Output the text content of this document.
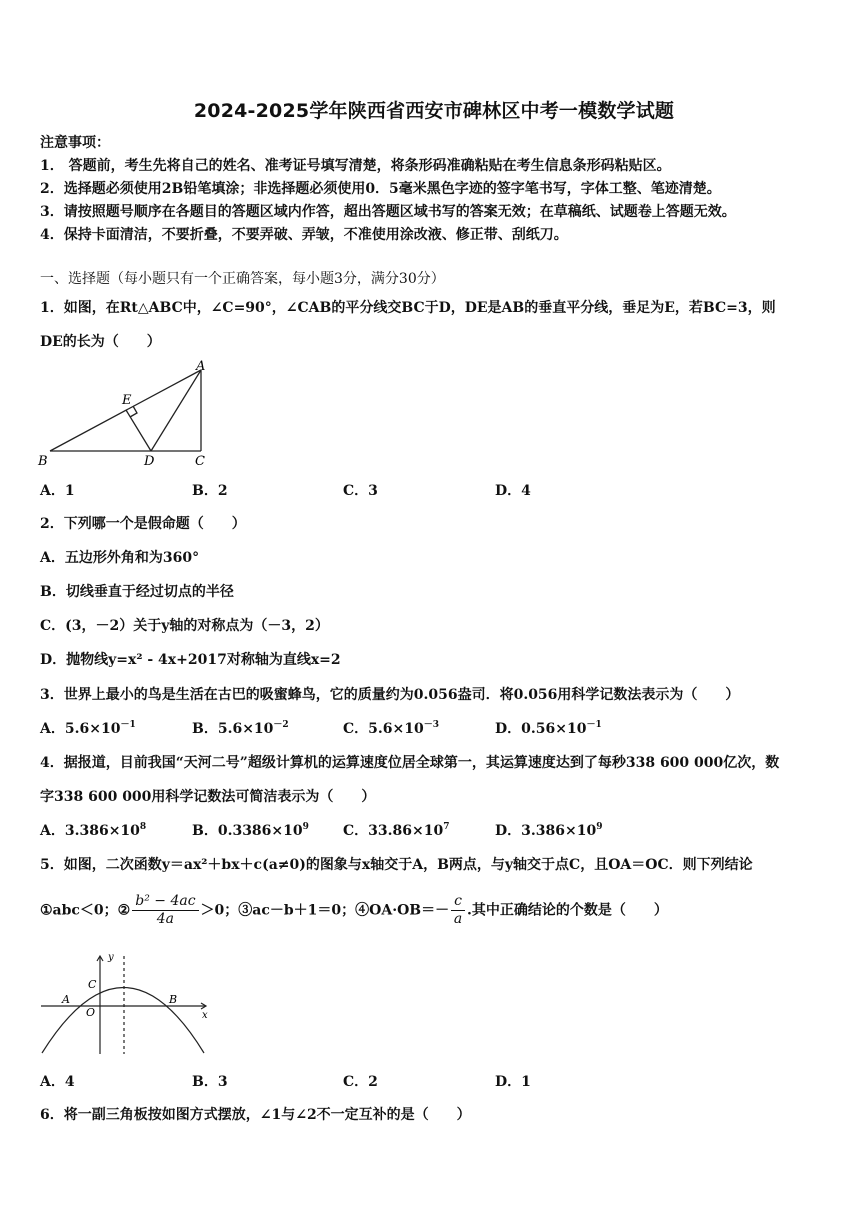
2024-2025学年陕西省西安市碑林区中考一模数学试题
注意事项：
1． 答题前，考生先将自己的姓名、准考证号填写清楚，将条形码准确粘贴在考生信息条形码粘贴区。
2．选择题必须使用2B铅笔填涂；非选择题必须使用0．5毫米黑色字迹的签字笔书写，字体工整、笔迹清楚。
3．请按照题号顺序在各题目的答题区域内作答，超出答题区域书写的答案无效；在草稿纸、试题卷上答题无效。
4．保持卡面清洁，不要折叠，不要弄破、弄皱，不准使用涂改液、修正带、刮纸刀。
一、选择题（每小题只有一个正确答案，每小题3分，满分30分）
1．如图，在Rt△ABC中，∠C=90°，∠CAB的平分线交BC于D，DE是AB的垂直平分线，垂足为E，若BC=3，则
DE的长为（　　）
A
B	C
D
E
A．1	B．2	C．3	D．4
2．下列哪一个是假命题（　　）
A．五边形外角和为360°
B．切线垂直于经过切点的半径
C．(3，－2）关于y轴的对称点为（－3，2）
D．抛物线y=x² - 4x+2017对称轴为直线x=2
3．世界上最小的鸟是生活在古巴的吸蜜蜂鸟，它的质量约为0.056盎司．将0.056用科学记数法表示为（　　）
A．$5.6\times 10^{-1}$	B．$5.6\times 10^{-2}$	C．$5.6\times 10^{-3}$	D．$0.56\times 10^{-1}$
4．据报道，目前我国“天河二号”超级计算机的运算速度位居全球第一，其运算速度达到了每秒338 600 000亿次，数
字338 600 000用科学记数法可简洁表示为（　　）
A．$3.386\times 10^8$	B．$0.3386\times 10^9$ C．$33.86\times 10^7$	D．$3.386\times 10^9$
5．如图，二次函数y＝ax²＋bx＋c(a≠0)的图象与x轴交于A，B两点，与y轴交于点C，且OA＝OC．则下列结论
①abc＜0；② $\frac{\text{b² − 4ac}}{4a} >0$；③ac－b＋1＝0；④OA·OB＝－ $\frac{c}{a}$ .其中正确结论的个数是（　　）
y
x
A	B
C
O
A．4	B．3	C．2	D．1
6．将一副三角板按如图方式摆放，∠1与∠2不一定互补的是（　　）
